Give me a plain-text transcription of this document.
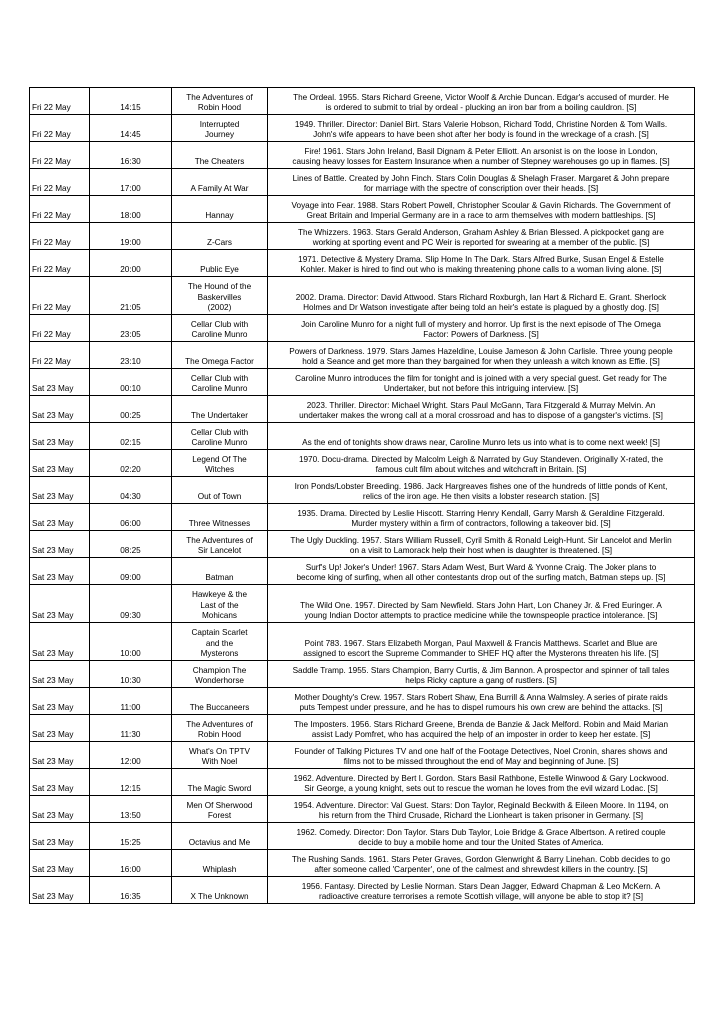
Fri 22 May	14:15	The Adventures of
Robin Hood	The Ordeal. 1955. Stars Richard Greene, Victor Woolf & Archie Duncan. Edgar's accused of murder. He
is ordered to submit to trial by ordeal - plucking an iron bar from a boiling cauldron. [S]

Fri 22 May	14:45	Interrupted
Journey	1949. Thriller. Director: Daniel Birt. Stars Valerie Hobson, Richard Todd, Christine Norden & Tom Walls.
John's wife appears to have been shot after her body is found in the wreckage of a crash. [S]

Fri 22 May	16:30	The Cheaters	Fire! 1961. Stars John Ireland, Basil Dignam & Peter Elliott. An arsonist is on the loose in London,
causing heavy losses for Eastern Insurance when a number of Stepney warehouses go up in flames. [S]

Fri 22 May	17:00	A Family At War	Lines of Battle. Created by John Finch. Stars Colin Douglas & Shelagh Fraser. Margaret & John prepare
for marriage with the spectre of conscription over their heads. [S]

Fri 22 May	18:00	Hannay	Voyage into Fear. 1988. Stars Robert Powell, Christopher Scoular & Gavin Richards. The Government of
Great Britain and Imperial Germany are in a race to arm themselves with modern battleships. [S]

Fri 22 May	19:00	Z-Cars	The Whizzers. 1963. Stars Gerald Anderson, Graham Ashley & Brian Blessed. A pickpocket gang are
working at sporting event and PC Weir is reported for swearing at a member of the public. [S]

Fri 22 May	20:00	Public Eye	1971. Detective & Mystery Drama. Slip Home In The Dark. Stars Alfred Burke, Susan Engel & Estelle
Kohler. Maker is hired to find out who is making threatening phone calls to a woman living alone. [S]

Fri 22 May	21:05	The Hound of the
Baskervilles
(2002)	2002. Drama. Director: David Attwood. Stars Richard Roxburgh, Ian Hart & Richard E. Grant. Sherlock
Holmes and Dr Watson investigate after being told an heir's estate is plagued by a ghostly dog. [S]

Fri 22 May	23:05	Cellar Club with
Caroline Munro	Join Caroline Munro for a night full of mystery and horror. Up first is the next episode of The Omega
Factor: Powers of Darkness. [S]

Fri 22 May	23:10	The Omega Factor	Powers of Darkness. 1979. Stars James Hazeldine, Louise Jameson & John Carlisle. Three young people
hold a Seance and get more than they bargained for when they unleash a witch known as Effie. [S]

Sat 23 May	00:10	Cellar Club with
Caroline Munro	Caroline Munro introduces the film for tonight and is joined with a very special guest. Get ready for The
Undertaker, but not before this intriguing interview. [S]

Sat 23 May	00:25	The Undertaker	2023. Thriller. Director: Michael Wright. Stars Paul McGann, Tara Fitzgerald & Murray Melvin. An
undertaker makes the wrong call at a moral crossroad and has to dispose of a gangster's victims. [S]

Sat 23 May	02:15	Cellar Club with
Caroline Munro	As the end of tonights show draws near, Caroline Munro lets us into what is to come next week! [S]
Sat 23 May	02:20	Legend Of The
Witches	1970. Docu-drama. Directed by Malcolm Leigh & Narrated by Guy Standeven. Originally X-rated, the
famous cult film about witches and witchcraft in Britain. [S]

Sat 23 May	04:30	Out of Town	Iron Ponds/Lobster Breeding. 1986. Jack Hargreaves fishes one of the hundreds of little ponds of Kent,
relics of the iron age. He then visits a lobster research station. [S]

Sat 23 May	06:00	Three Witnesses	1935. Drama. Directed by Leslie Hiscott. Starring Henry Kendall, Garry Marsh & Geraldine Fitzgerald.
Murder mystery within a firm of contractors, following a takeover bid. [S]

Sat 23 May	08:25	The Adventures of
Sir Lancelot	The Ugly Duckling. 1957. Stars William Russell, Cyril Smith & Ronald Leigh-Hunt. Sir Lancelot and Merlin
on a visit to Lamorack help their host when is daughter is threatened. [S]

Sat 23 May	09:00	Batman	Surf's Up! Joker's Under! 1967. Stars Adam West, Burt Ward & Yvonne Craig. The Joker plans to
become king of surfing, when all other contestants drop out of the surfing match, Batman steps up. [S]

Sat 23 May	09:30	Hawkeye & the
Last of the
Mohicans	The Wild One. 1957. Directed by Sam Newfield. Stars John Hart, Lon Chaney Jr. & Fred Euringer. A
young Indian Doctor attempts to practice medicine while the townspeople practice intolerance. [S]

Sat 23 May	10:00	Captain Scarlet
and the
Mysterons	Point 783. 1967. Stars Elizabeth Morgan, Paul Maxwell & Francis Matthews. Scarlet and Blue are
assigned to escort the Supreme Commander to SHEF HQ after the Mysterons threaten his life. [S]

Sat 23 May	10:30	Champion The
Wonderhorse	Saddle Tramp. 1955. Stars Champion, Barry Curtis, & Jim Bannon. A prospector and spinner of tall tales
helps Ricky capture a gang of rustlers. [S]

Sat 23 May	11:00	The Buccaneers	Mother Doughty's Crew. 1957. Stars Robert Shaw, Ena Burrill & Anna Walmsley. A series of pirate raids
puts Tempest under pressure, and he has to dispel rumours his own crew are behind the attacks. [S]

Sat 23 May	11:30	The Adventures of
Robin Hood	The Imposters. 1956. Stars Richard Greene, Brenda de Banzie & Jack Melford. Robin and Maid Marian
assist Lady Pomfret, who has acquired the help of an imposter in order to keep her estate. [S]

Sat 23 May	12:00	What's On TPTV
With Noel	Founder of Talking Pictures TV and one half of the Footage Detectives, Noel Cronin, shares shows and
films not to be missed throughout the end of May and beginning of June. [S]

Sat 23 May	12:15	The Magic Sword	1962. Adventure. Directed by Bert I. Gordon. Stars Basil Rathbone, Estelle Winwood & Gary Lockwood.
Sir George, a young knight, sets out to rescue the woman he loves from the evil wizard Lodac. [S]

Sat 23 May	13:50	Men Of Sherwood
Forest	1954. Adventure. Director: Val Guest. Stars: Don Taylor, Reginald Beckwith & Eileen Moore. In 1194, on
his return from the Third Crusade, Richard the Lionheart is taken prisoner in Germany. [S]

Sat 23 May	15:25	Octavius and Me	1962. Comedy. Director: Don Taylor. Stars Dub Taylor, Loie Bridge & Grace Albertson. A retired couple
decide to buy a mobile home and tour the United States of America.

Sat 23 May	16:00	Whiplash	The Rushing Sands. 1961. Stars Peter Graves, Gordon Glenwright & Barry Linehan. Cobb decides to go
after someone called 'Carpenter', one of the calmest and shrewdest killers in the country. [S]

Sat 23 May	16:35	X The Unknown	1956. Fantasy. Directed by Leslie Norman. Stars Dean Jagger, Edward Chapman & Leo McKern. A
radioactive creature terrorises a remote Scottish village, will anyone be able to stop it? [S]
